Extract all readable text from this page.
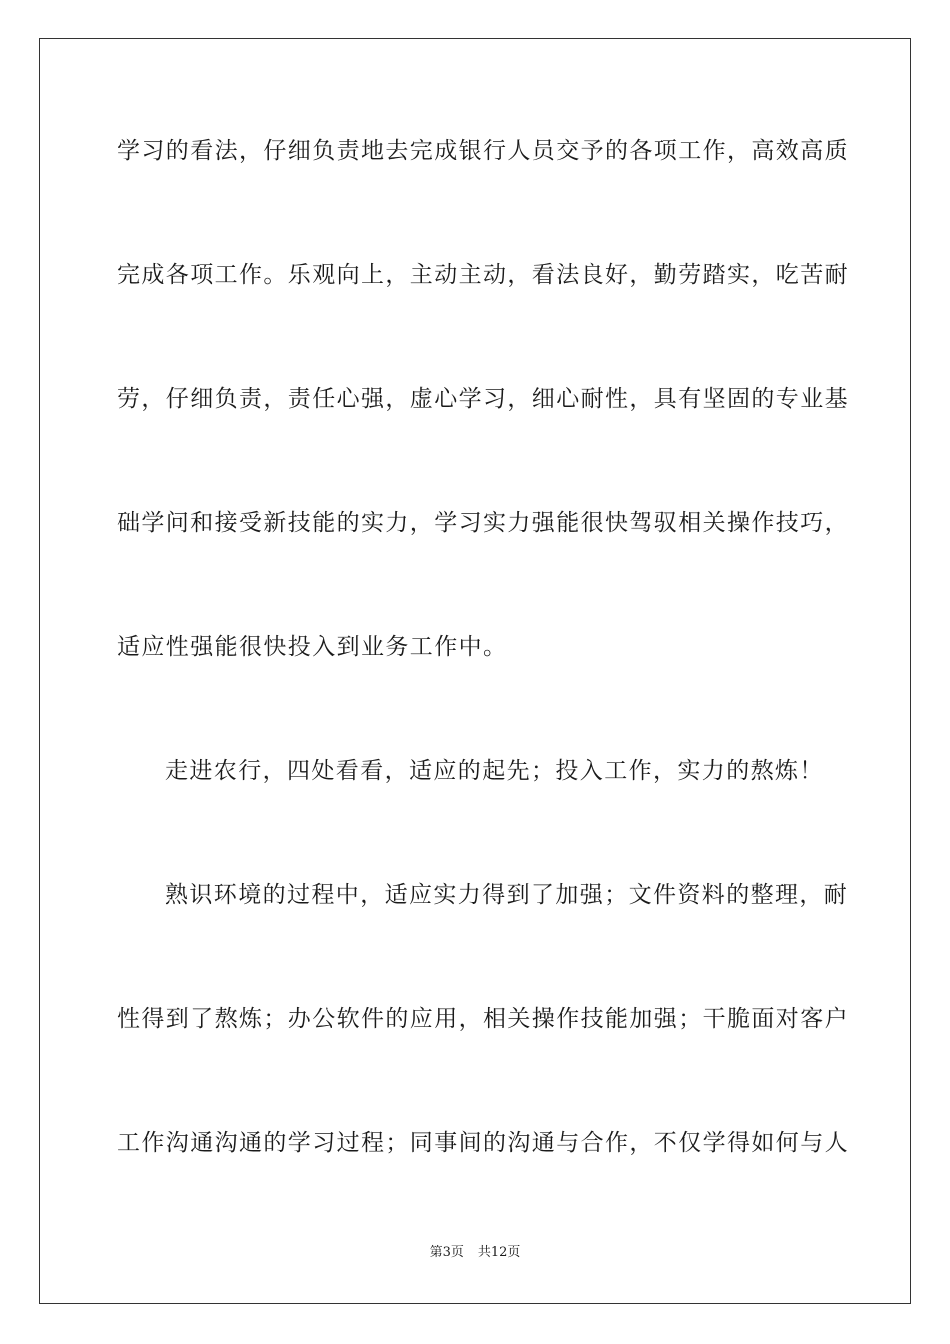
学习的看法，仔细负责地去完成银行人员交予的各项工作，高效高质
完成各项工作。乐观向上，主动主动，看法良好，勤劳踏实，吃苦耐
劳，仔细负责，责任心强，虚心学习，细心耐性，具有坚固的专业基
础学问和接受新技能的实力，学习实力强能很快驾驭相关操作技巧，
适应性强能很快投入到业务工作中。
走进农行，四处看看，适应的起先；投入工作，实力的熬炼！
熟识环境的过程中，适应实力得到了加强；文件资料的整理，耐
性得到了熬炼；办公软件的应用，相关操作技能加强；干脆面对客户
工作沟通沟通的学习过程；同事间的沟通与合作，不仅学得如何与人
第3页 共12页
